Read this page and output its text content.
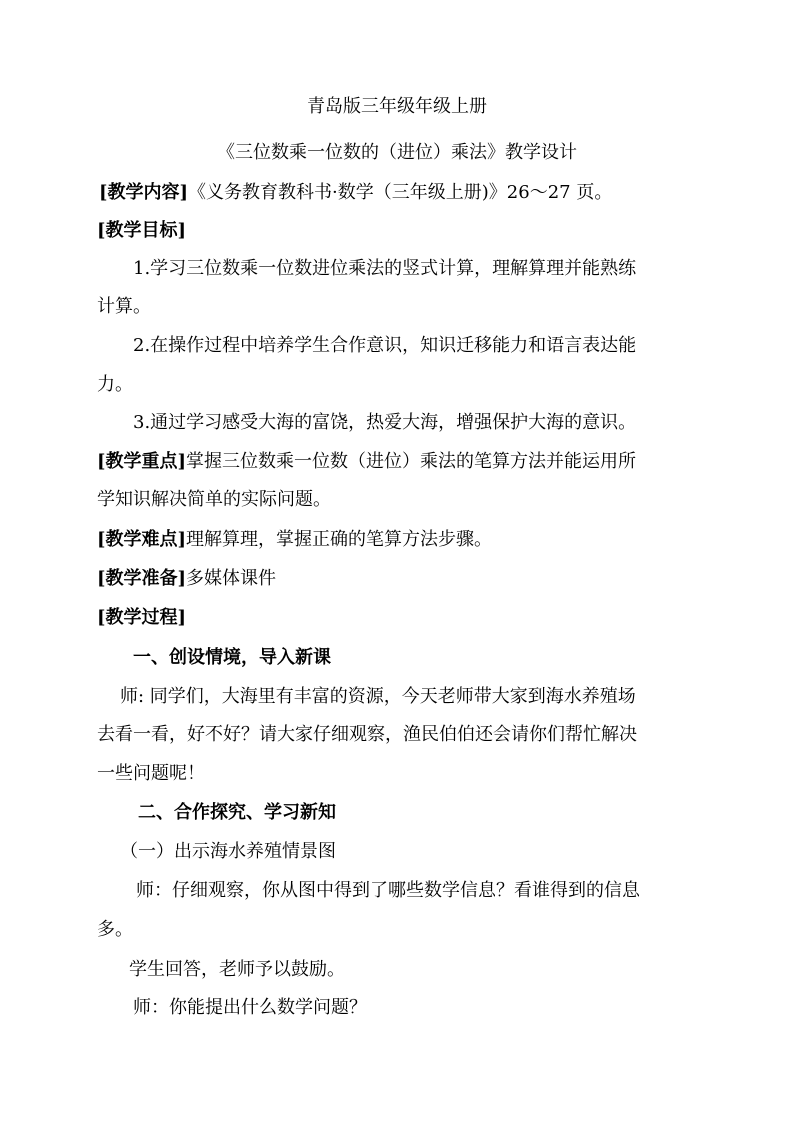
青岛版三年级年级上册
《三位数乘一位数的（进位）乘法》教学设计
[教学内容]《义务教育教科书·数学（三年级上册)》26～27 页。
[教学目标]
1.学习三位数乘一位数进位乘法的竖式计算，理解算理并能熟练
计算。
2.在操作过程中培养学生合作意识，知识迁移能力和语言表达能
力。
3.通过学习感受大海的富饶，热爱大海，增强保护大海的意识。
[教学重点]掌握三位数乘一位数（进位）乘法的笔算方法并能运用所
学知识解决简单的实际问题。
[教学难点]理解算理，掌握正确的笔算方法步骤。
[教学准备]多媒体课件
[教学过程]
一、创设情境，导入新课
师: 同学们，大海里有丰富的资源，今天老师带大家到海水养殖场
去看一看，好不好？请大家仔细观察，渔民伯伯还会请你们帮忙解决
一些问题呢！
二、合作探究、学习新知
（一）出示海水养殖情景图
师：仔细观察，你从图中得到了哪些数学信息？看谁得到的信息
多。
学生回答，老师予以鼓励。
师：你能提出什么数学问题？
